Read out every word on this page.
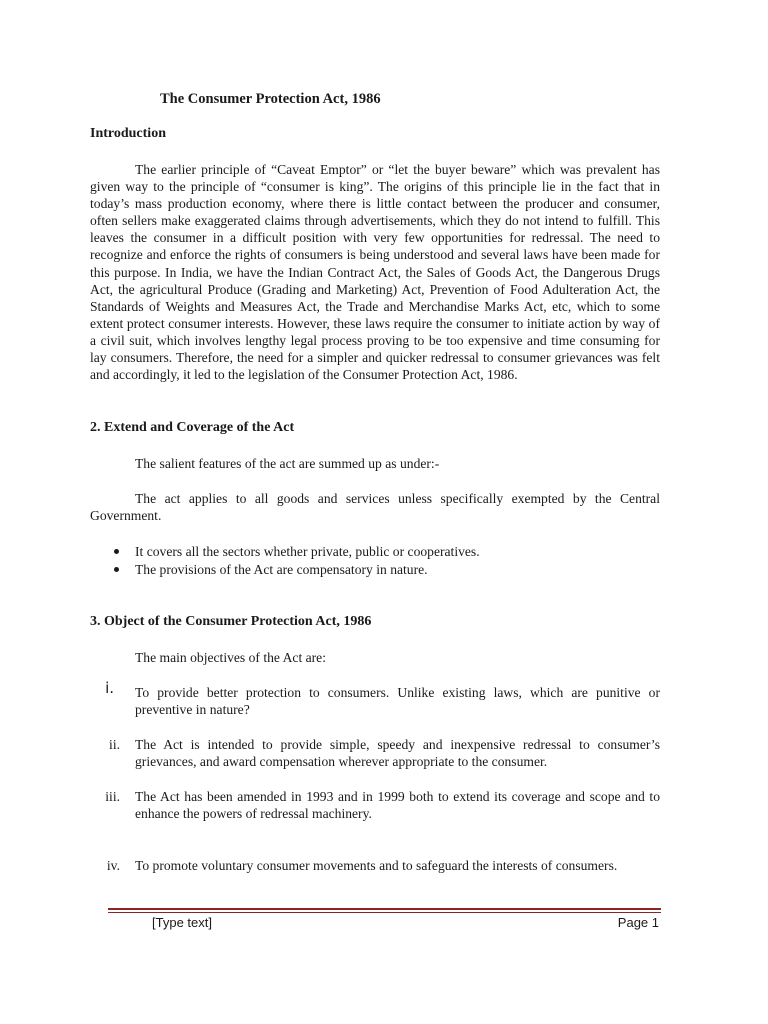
The Consumer Protection Act, 1986
Introduction
The earlier principle of “Caveat Emptor” or “let the buyer beware” which was prevalent has given way to the principle of “consumer is king”. The origins of this principle lie in the fact that in today’s mass production economy, where there is little contact between the producer and consumer, often sellers make exaggerated claims through advertisements, which they do not intend to fulfill. This leaves the consumer in a difficult position with very few opportunities for redressal. The need to recognize and enforce the rights of consumers is being understood and several laws have been made for this purpose. In India, we have the Indian Contract Act, the Sales of Goods Act, the Dangerous Drugs Act, the agricultural Produce (Grading and Marketing) Act, Prevention of Food Adulteration Act, the Standards of Weights and Measures Act, the Trade and Merchandise Marks Act, etc, which to some extent protect consumer interests. However, these laws require the consumer to initiate action by way of a civil suit, which involves lengthy legal process proving to be too expensive and time consuming for lay consumers. Therefore, the need for a simpler and quicker redressal to consumer grievances was felt and accordingly, it led to the legislation of the Consumer Protection Act, 1986.
2. Extend and Coverage of the Act
The salient features of the act are summed up as under:-
The act applies to all goods and services unless specifically exempted by the Central Government.
It covers all the sectors whether private, public or cooperatives.
The provisions of the Act are compensatory in nature.
3. Object of the Consumer Protection Act, 1986
The main objectives of the Act are:
i. To provide better protection to consumers. Unlike existing laws, which are punitive or preventive in nature?
ii. The Act is intended to provide simple, speedy and inexpensive redressal to consumer’s grievances, and award compensation wherever appropriate to the consumer.
iii. The Act has been amended in 1993 and in 1999 both to extend its coverage and scope and to enhance the powers of redressal machinery.
iv. To promote voluntary consumer movements and to safeguard the interests of consumers.
[Type text]	Page 1
